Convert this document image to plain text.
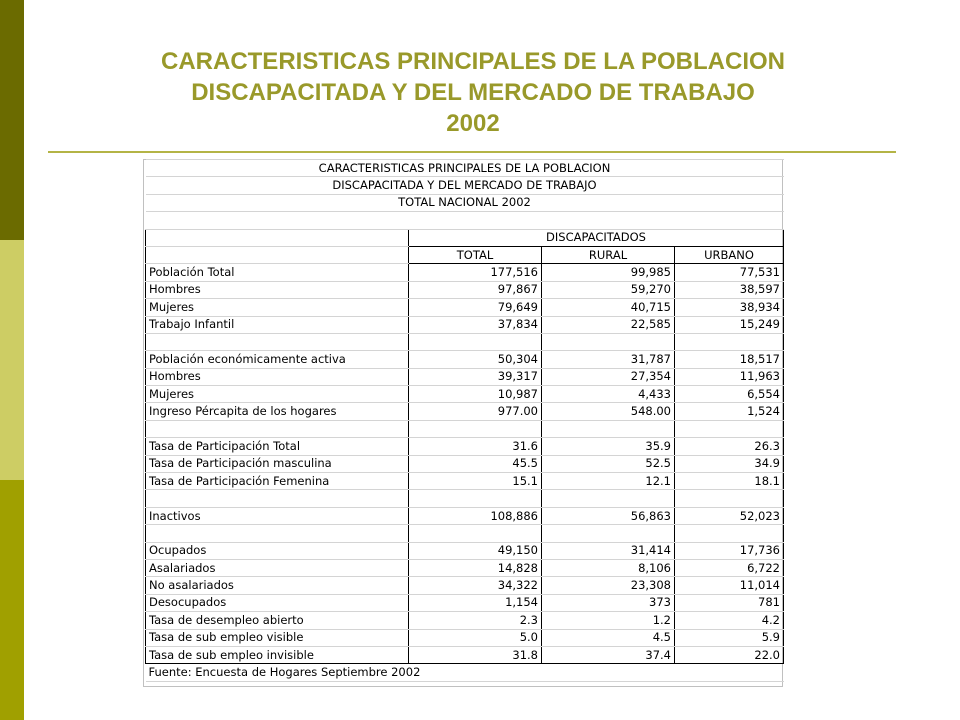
CARACTERISTICAS PRINCIPALES DE LA POBLACION
DISCAPACITADA Y DEL MERCADO DE TRABAJO
2002
CARACTERISTICAS PRINCIPALES DE LA POBLACION			
DISCAPACITADA Y DEL MERCADO DE TRABAJO			
TOTAL NACIONAL 2002			

	DISCAPACITADOS		
	TOTAL	RURAL	URBANO
Población Total	177,516	99,985	77,531
Hombres	97,867	59,270	38,597
Mujeres	79,649	40,715	38,934
Trabajo Infantil	37,834	22,585	15,249

Población económicamente activa	50,304	31,787	18,517
Hombres	39,317	27,354	11,963
Mujeres	10,987	4,433	6,554
Ingreso Pércapita de los hogares	977.00	548.00	1,524

Tasa de Participación Total	31.6	35.9	26.3
Tasa de Participación masculina	45.5	52.5	34.9
Tasa de Participación Femenina	15.1	12.1	18.1

Inactivos	108,886	56,863	52,023

Ocupados	49,150	31,414	17,736
Asalariados	14,828	8,106	6,722
No asalariados	34,322	23,308	11,014
Desocupados	1,154	373	781
Tasa de desempleo abierto	2.3	1.2	4.2
Tasa de sub empleo visible	5.0	4.5	5.9
Tasa de sub empleo invisible	31.8	37.4	22.0
Fuente: Encuesta de Hogares Septiembre 2002			
